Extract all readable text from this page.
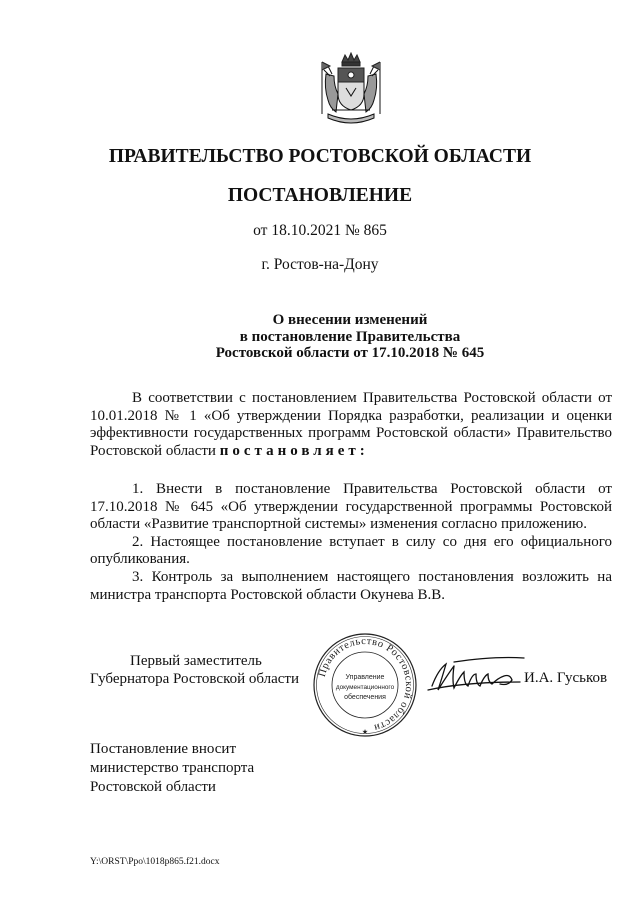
ПРАВИТЕЛЬСТВО РОСТОВСКОЙ ОБЛАСТИ
ПОСТАНОВЛЕНИЕ
от 18.10.2021 № 865
г. Ростов-на-Дону
О внесении изменений
в постановление Правительства
Ростовской области от 17.10.2018 № 645
В соответствии с постановлением Правительства Ростовской области от 10.01.2018 № 1 «Об утверждении Порядка разработки, реализации и оценки эффективности государственных программ Ростовской области» Правительство Ростовской области постановляет:
1. Внести в постановление Правительства Ростовской области от 17.10.2018 № 645 «Об утверждении государственной программы Ростовской области «Развитие транспортной системы» изменения согласно приложению.
2. Настоящее постановление вступает в силу со дня его официального опубликования.
3. Контроль за выполнением настоящего постановления возложить на министра транспорта Ростовской области Окунева В.В.
Первый заместитель
Губернатора Ростовской области Правительство Ростовской области
★
Управление
документационного
обеспечения
И.А. Гуськов
Постановление вносит
министерство транспорта
Ростовской области
Y:\ORST\Ppo\1018p865.f21.docx
